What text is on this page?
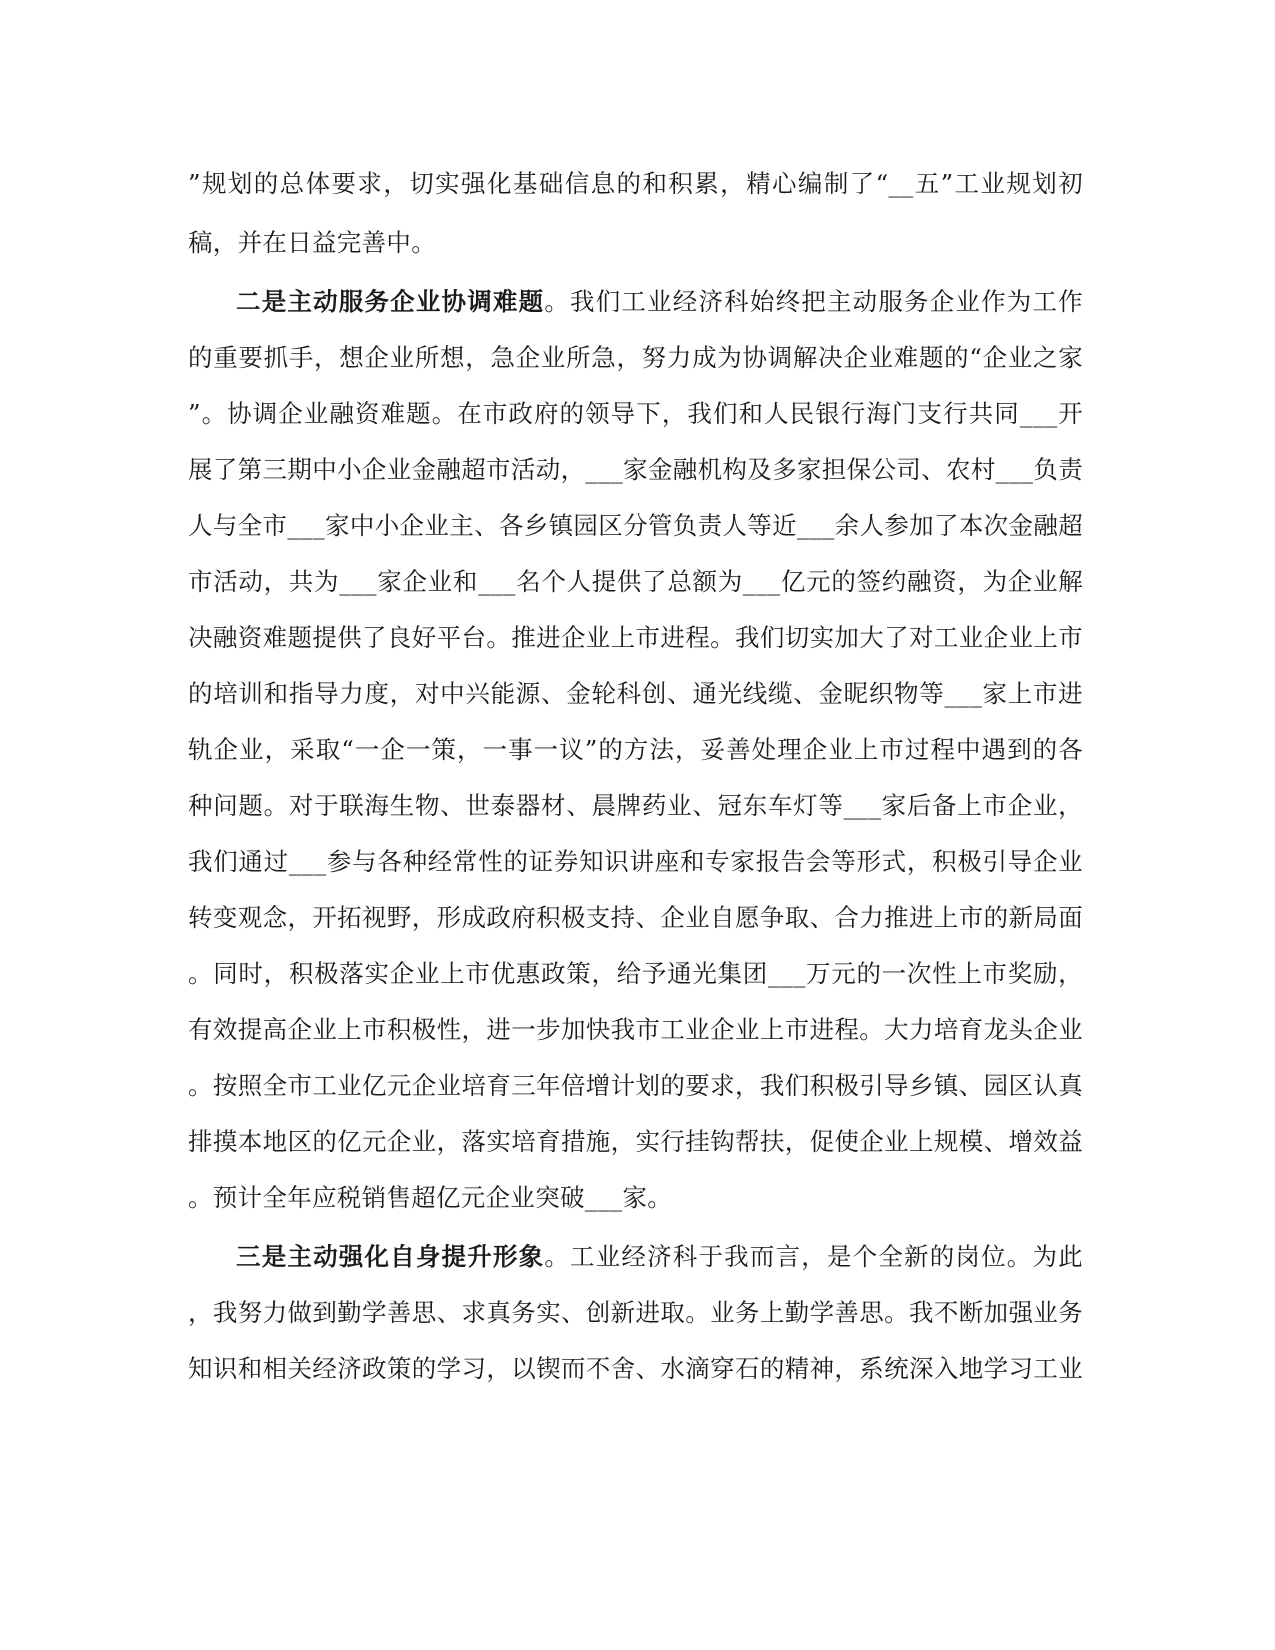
”规划的总体要求，切实强化基础信息的和积累，精心编制了“__五”工业规划初
稿，并在日益完善中。
二是主动服务企业协调难题。我们工业经济科始终把主动服务企业作为工作
的重要抓手，想企业所想，急企业所急，努力成为协调解决企业难题的“企业之家
”。协调企业融资难题。在市政府的领导下，我们和人民银行海门支行共同___开
展了第三期中小企业金融超市活动，___家金融机构及多家担保公司、农村___负责
人与全市___家中小企业主、各乡镇园区分管负责人等近___余人参加了本次金融超
市活动，共为___家企业和___名个人提供了总额为___亿元的签约融资，为企业解
决融资难题提供了良好平台。推进企业上市进程。我们切实加大了对工业企业上市
的培训和指导力度，对中兴能源、金轮科创、通光线缆、金昵织物等___家上市进
轨企业，采取“一企一策，一事一议”的方法，妥善处理企业上市过程中遇到的各
种问题。对于联海生物、世泰器材、晨牌药业、冠东车灯等___家后备上市企业，
我们通过___参与各种经常性的证券知识讲座和专家报告会等形式，积极引导企业
转变观念，开拓视野，形成政府积极支持、企业自愿争取、合力推进上市的新局面
。同时，积极落实企业上市优惠政策，给予通光集团___万元的一次性上市奖励，
有效提高企业上市积极性，进一步加快我市工业企业上市进程。大力培育龙头企业
。按照全市工业亿元企业培育三年倍增计划的要求，我们积极引导乡镇、园区认真
排摸本地区的亿元企业，落实培育措施，实行挂钩帮扶，促使企业上规模、增效益
。预计全年应税销售超亿元企业突破___家。
三是主动强化自身提升形象。工业经济科于我而言，是个全新的岗位。为此
，我努力做到勤学善思、求真务实、创新进取。业务上勤学善思。我不断加强业务
知识和相关经济政策的学习，以锲而不舍、水滴穿石的精神，系统深入地学习工业
